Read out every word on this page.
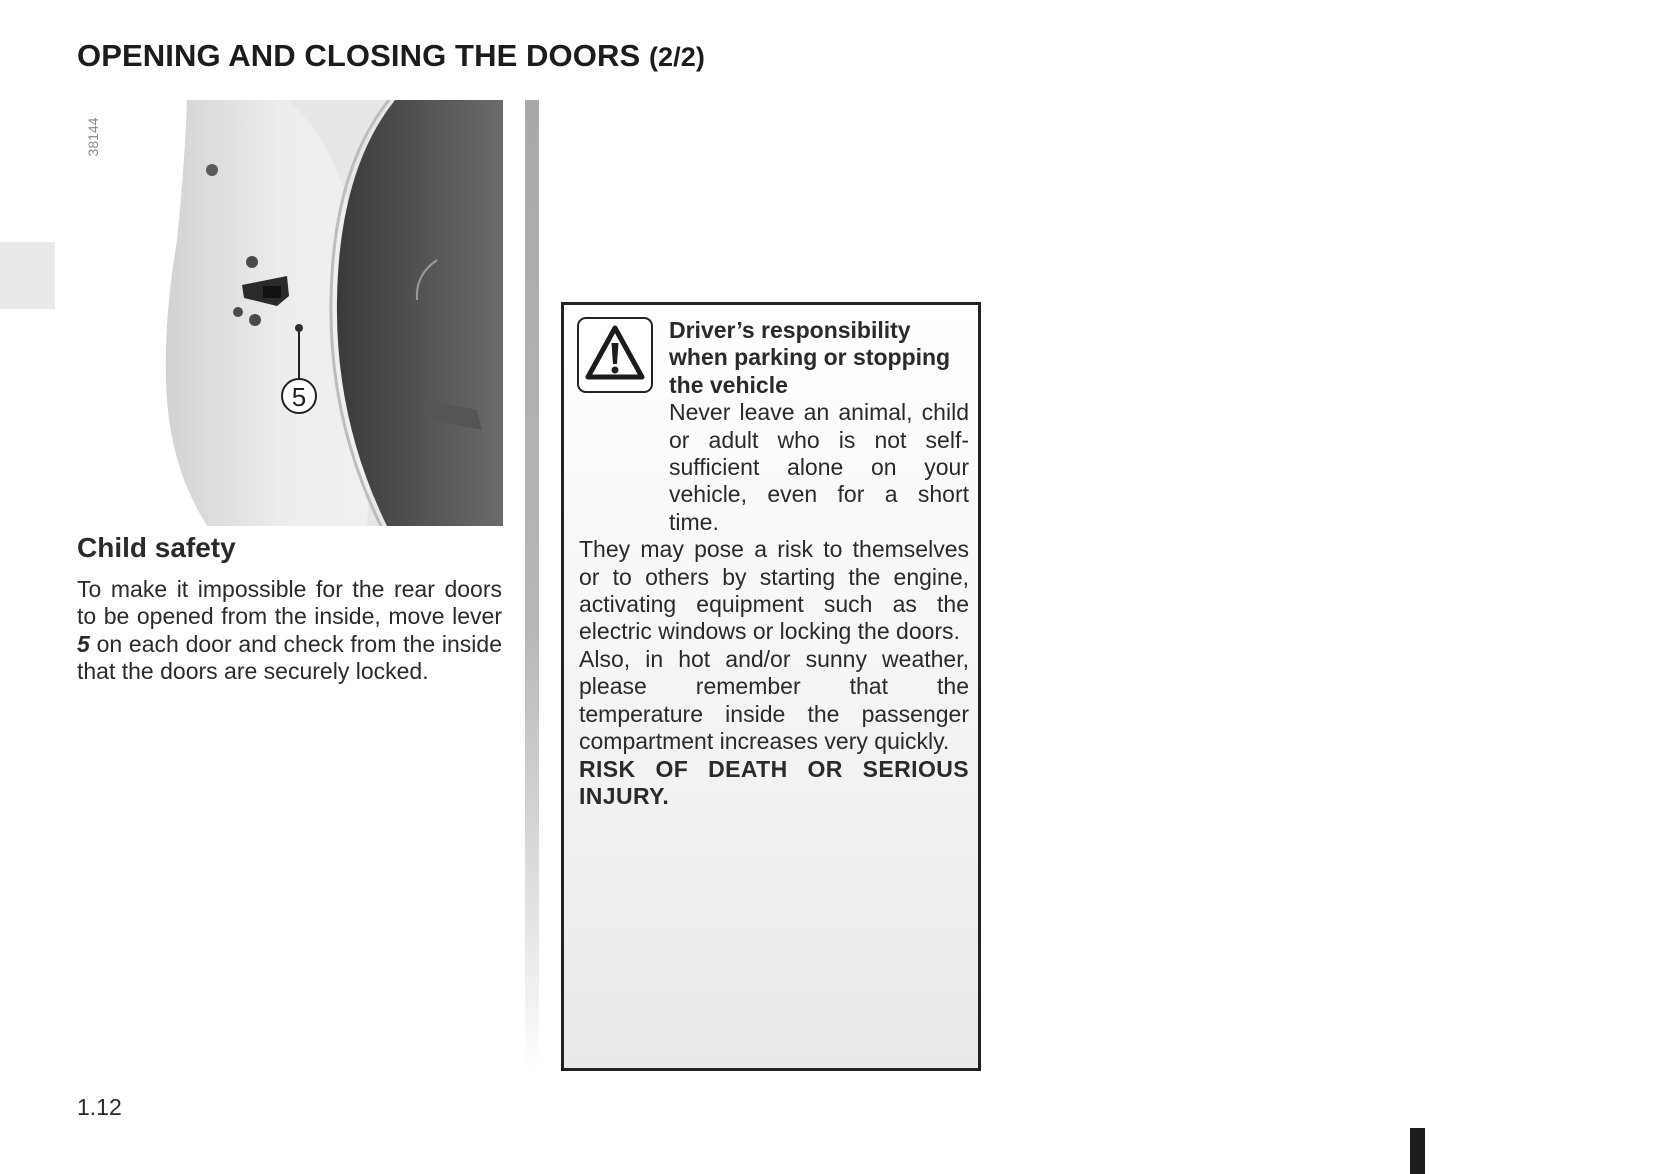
OPENING AND CLOSING THE DOORS (2/2)
5
38144
Child safety

To make it impossible for the rear doors to be opened from the inside, move lever 5 on each door and check from the inside that the doors are securely locked.

Driver’s responsibility when parking or stopping the vehicle

Never leave an animal, child or adult who is not self-sufficient alone on your vehicle, even for a short time.

They may pose a risk to themselves or to others by starting the engine, activating equipment such as the electric windows or locking the doors.

Also, in hot and/or sunny weather, please remember that the temperature inside the passenger compartment increases very quickly.

RISK OF DEATH OR SERIOUS INJURY.

1.12
